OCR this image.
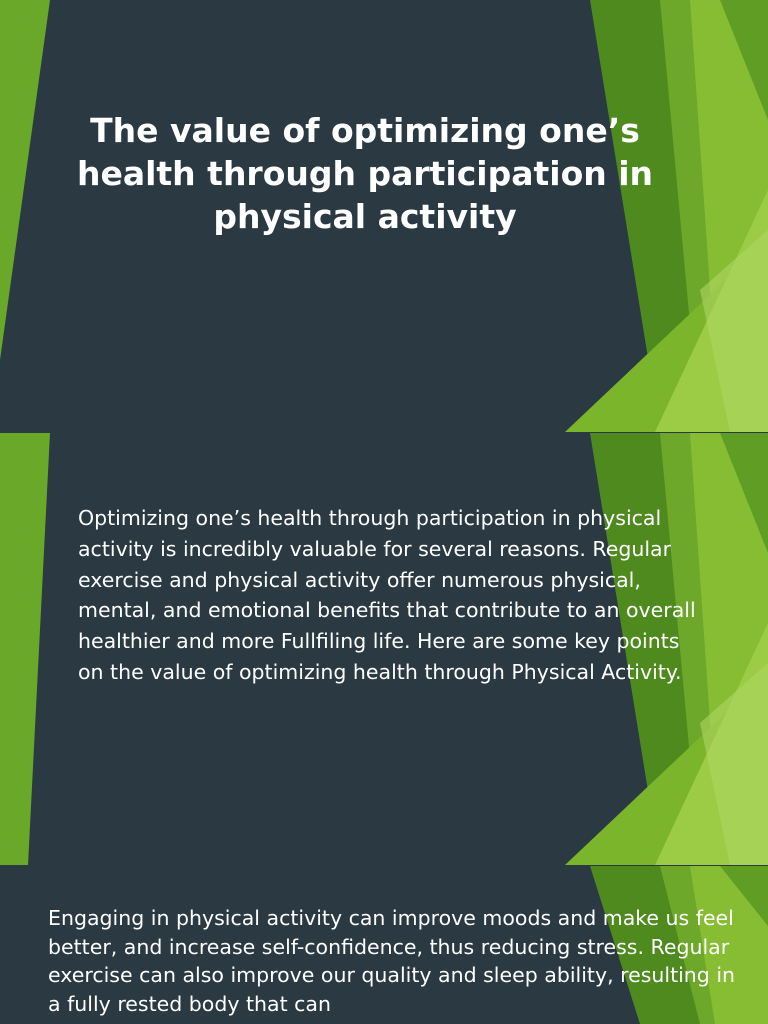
The value of optimizing one’s health through participation in physical activity

Optimizing one’s health through participation in physical activity is incredibly valuable for several reasons. Regular exercise and physical activity offer numerous physical, mental, and emotional benefits that contribute to an overall healthier and more Fullfiling life. Here are some key points on the value of optimizing health through Physical Activity.

Engaging in physical activity can improve moods and make us feel better, and increase self-confidence, thus reducing stress. Regular exercise can also improve our quality and sleep ability, resulting in a fully rested body that can
